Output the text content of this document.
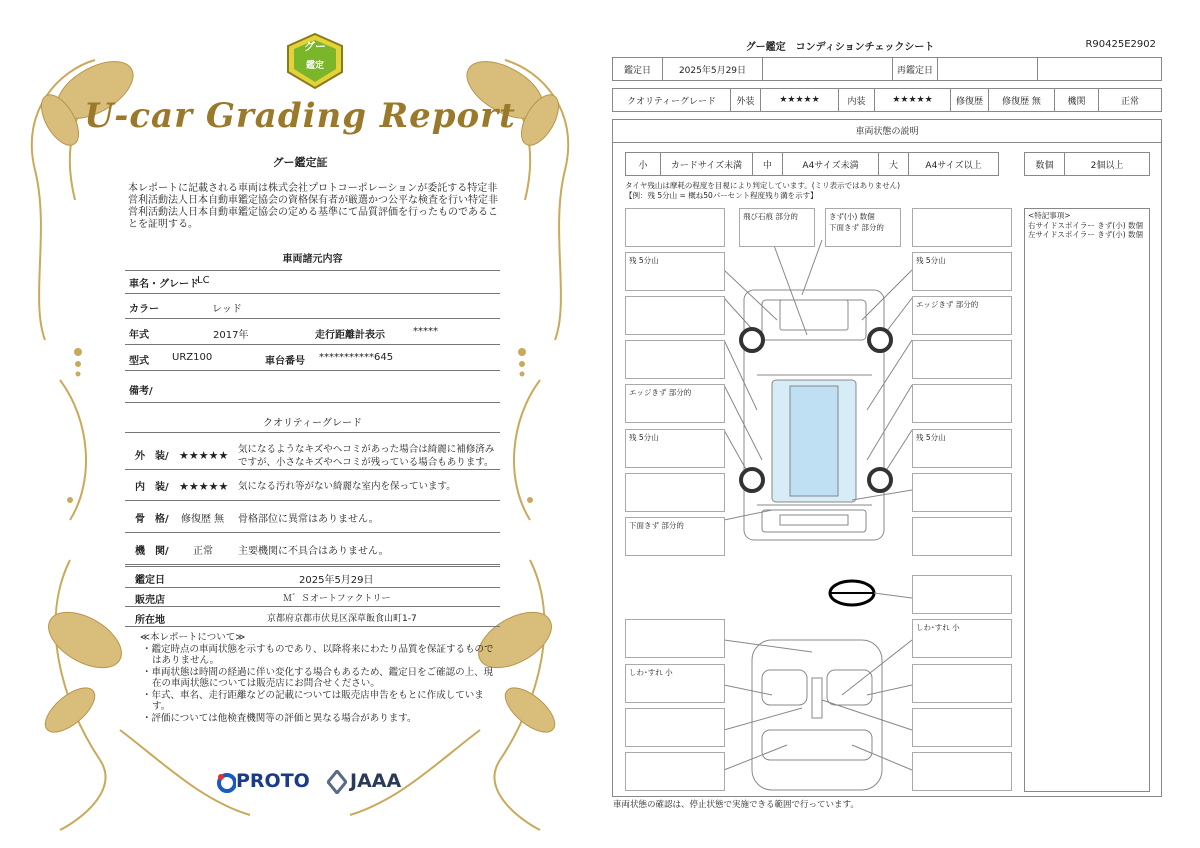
グー
鑑定
U-car Grading Report
グー鑑定証
本レポートに記載される車両は株式会社プロトコーポレーションが委託する特定非営利活動法人日本自動車鑑定協会の資格保有者が厳選かつ公平な検査を行い特定非営利活動法人日本自動車鑑定協会の定める基準にて品質評価を行ったものであることを証明する。
車両諸元内容
車名・グレード
LC
カラー	レッド
年式	2017年	走行距離計表示	*****
型式 URZ100	車台番号 ***********645
備考/
クオリティーグレード
外　装/ ★★★★★ 気になるようなキズやヘコミがあった場合は綺麗に補修済み
ですが、小さなキズやヘコミが残っている場合もあります。
内　装/ ★★★★★ 気になる汚れ等がない綺麗な室内を保っています。
骨　格/ 修復歴 無 骨格部位に異常はありません。
機　関/ 正常	主要機関に不具合はありません。
鑑定日	2025年5月29日
販売店	Ｍ゛Ｓオートファクトリー
所在地	京都府京都市伏見区深草飯食山町1-7
≪本レポートについて≫
・鑑定時点の車両状態を示すものであり、以降将来にわたり品質を保証するものではありません。
・車両状態は時間の経過に伴い変化する場合もあるため、鑑定日をご確認の上、現在の車両状態については販売店にお問合せください。
・年式、車名、走行距離などの記載については販売店申告をもとに作成しています。
・評価については他検査機関等の評価と異なる場合があります。
PROTO JAAA
グー鑑定　コンディションチェックシート	R90425E2902
鑑定日	2025年5月29日	再鑑定日
クオリティーグレード	外装	★★★★★	内装	★★★★★	修復歴	修復歴 無	機関	正常
車両状態の説明
小	カードサイズ未満	中	A4サイズ未満	大	A4サイズ以上	数個	2個以上
タイヤ残山は摩耗の程度を目視により判定しています。(ミリ表示ではありません)
【例：残 5分山 = 概ね50パーセント程度残り溝を示す】
残 5分山
エッジきず 部分的
残 5分山
下面きず 部分的
しわ･すれ 小
飛び石痕 部分的	きず(小) 数個
下面きず 部分的
残 5分山
エッジきず 部分的
残 5分山
しわ･すれ 小
<特記事項>
右サイドスポイラー きず(小) 数個
左サイドスポイラー きず(小) 数個
車両状態の確認は、停止状態で実施できる範囲で行っています。
